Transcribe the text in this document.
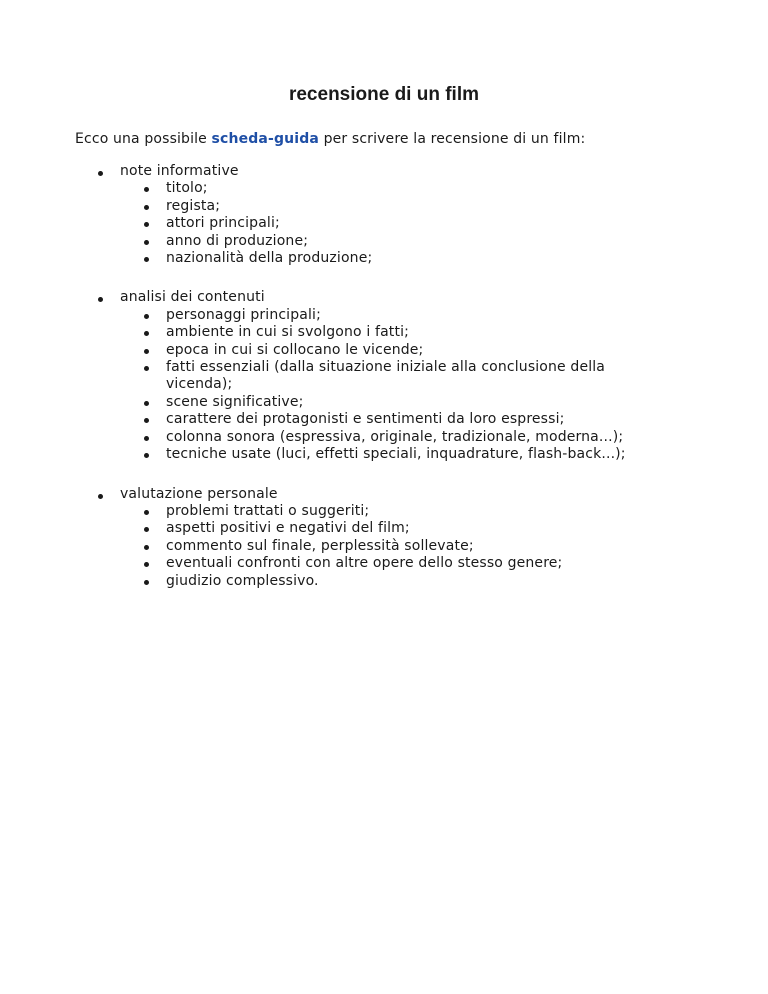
recensione di un film

Ecco una possibile scheda-guida per scrivere la recensione di un film:

note informative
titolo;
regista;
attori principali;
anno di produzione;
nazionalità della produzione;
analisi dei contenuti
personaggi principali;
ambiente in cui si svolgono i fatti;
epoca in cui si collocano le vicende;
fatti essenziali (dalla situazione iniziale alla conclusione della vicenda);
scene significative;
carattere dei protagonisti e sentimenti da loro espressi;
colonna sonora (espressiva, originale, tradizionale, moderna...);
tecniche usate (luci, effetti speciali, inquadrature, flash-back...);
valutazione personale
problemi trattati o suggeriti;
aspetti positivi e negativi del film;
commento sul finale, perplessità sollevate;
eventuali confronti con altre opere dello stesso genere;
giudizio complessivo.
